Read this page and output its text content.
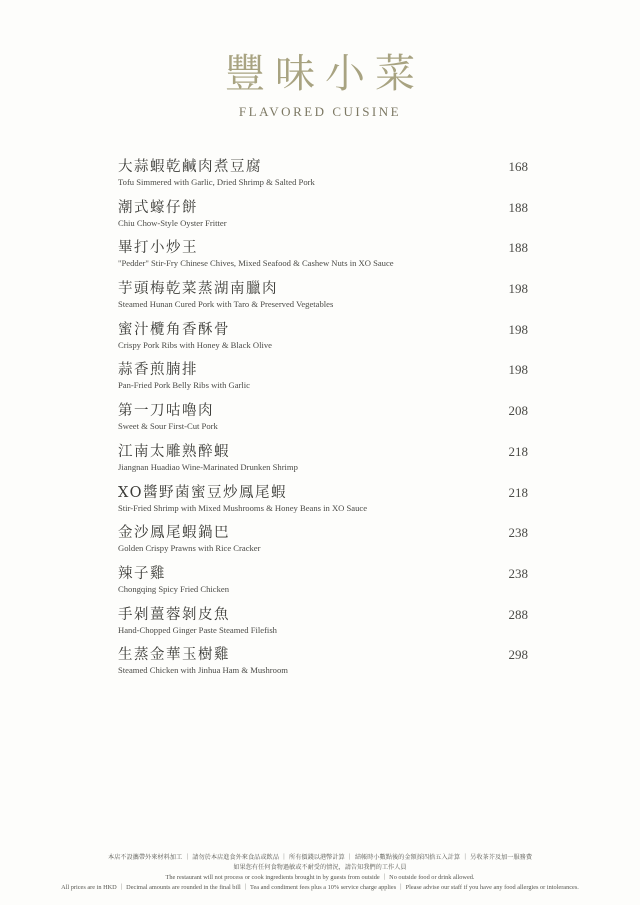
豐味小菜
FLAVORED CUISINE
大蒜蝦乾鹹肉煮豆腐
Tofu Simmered with Garlic, Dried Shrimp & Salted Pork
168
潮式蠔仔餅
Chiu Chow-Style Oyster Fritter
188
畢打小炒王
"Pedder" Stir-Fry Chinese Chives, Mixed Seafood & Cashew Nuts in XO Sauce
188
芋頭梅乾菜蒸湖南臘肉
Steamed Hunan Cured Pork with Taro & Preserved Vegetables
198
蜜汁欖角香酥骨
Crispy Pork Ribs with Honey & Black Olive
198
蒜香煎腩排
Pan-Fried Pork Belly Ribs with Garlic
198
第一刀咕嚕肉
Sweet & Sour First-Cut Pork
208
江南太雕熟醉蝦
Jiangnan Huadiao Wine-Marinated Drunken Shrimp
218
XO醬野菌蜜豆炒鳳尾蝦
Stir-Fried Shrimp with Mixed Mushrooms & Honey Beans in XO Sauce
218
金沙鳳尾蝦鍋巴
Golden Crispy Prawns with Rice Cracker
238
辣子雞
Chongqing Spicy Fried Chicken
238
手剁薑蓉剝皮魚
Hand-Chopped Ginger Paste Steamed Filefish
288
生蒸金華玉樹雞
Steamed Chicken with Jinhua Ham & Mushroom
298
本店不設攜帶外來材料加工 ｜ 請勿於本店進食外來食品或飲品 ｜ 所有價錢以港幣計算 ｜ 結帳時小數點後的金額採四捨五入計算 ｜ 另收茶芥及加一服務費
如果您有任何食物過敏或不耐受的情況，請告知我們的工作人員
The restaurant will not process or cook ingredients brought in by guests from outside ｜ No outside food or drink allowed.
All prices are in HKD ｜ Decimal amounts are rounded in the final bill ｜ Tea and condiment fees plus a 10% service charge applies ｜ Please advise our staff if you have any food allergies or intolerances.
